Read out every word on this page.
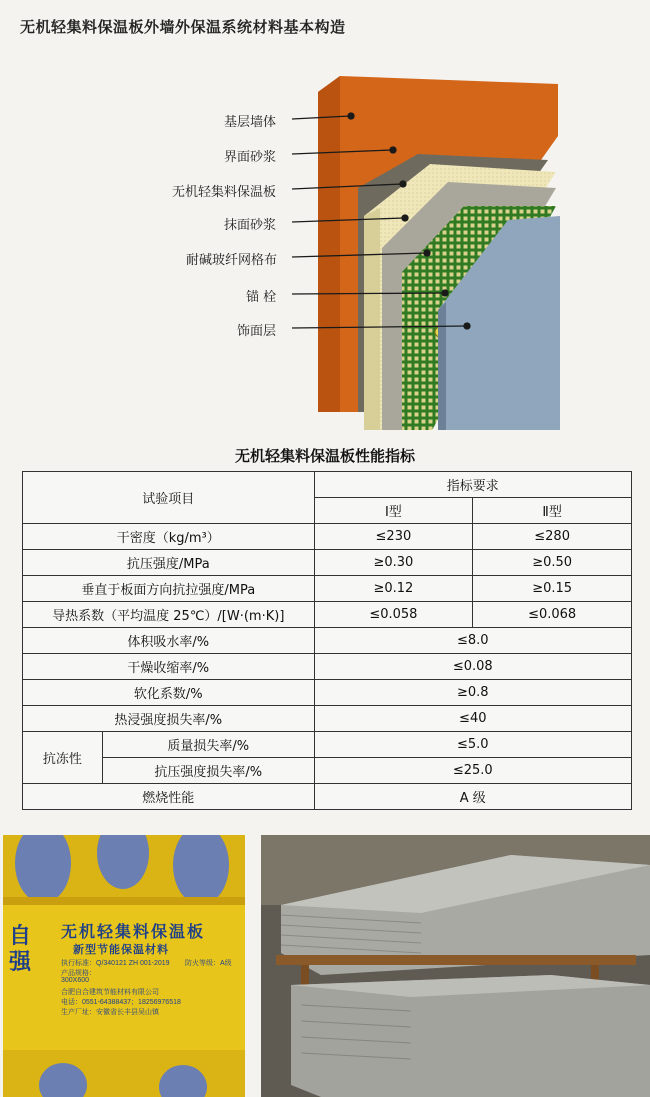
无机轻集料保温板外墙外保温系统材料基本构造
基层墙体
界面砂浆
无机轻集料保温板
抹面砂浆
耐碱玻纤网格布
锚 栓
饰面层
无机轻集料保温板性能指标
试验项目		指标要求	
		Ⅰ型	Ⅱ型
干密度（kg/m³）		≤230	≤280
抗压强度/MPa		≥0.30	≥0.50
垂直于板面方向抗拉强度/MPa		≥0.12	≥0.15
导热系数（平均温度 25℃）/[W·(m·K)]		≤0.058	≤0.068
体积吸水率/%		≤8.0	
干燥收缩率/%		≤0.08	
软化系数/%		≥0.8	
热浸强度损失率/%		≤40	
抗冻性	质量损失率/%	≤5.0	
	抗压强度损失率/%	≤25.0	
燃烧性能		A 级	
自强
无机轻集料保温板
新型节能保温材料
执行标准：Q/340121 ZH 001-2019 防火等级：A级
产品规格：
300X600
合肥自合建筑节能材料有限公司
电话：0551-64388437；18256976518
生产厂址：安徽省长丰县吴山镇
